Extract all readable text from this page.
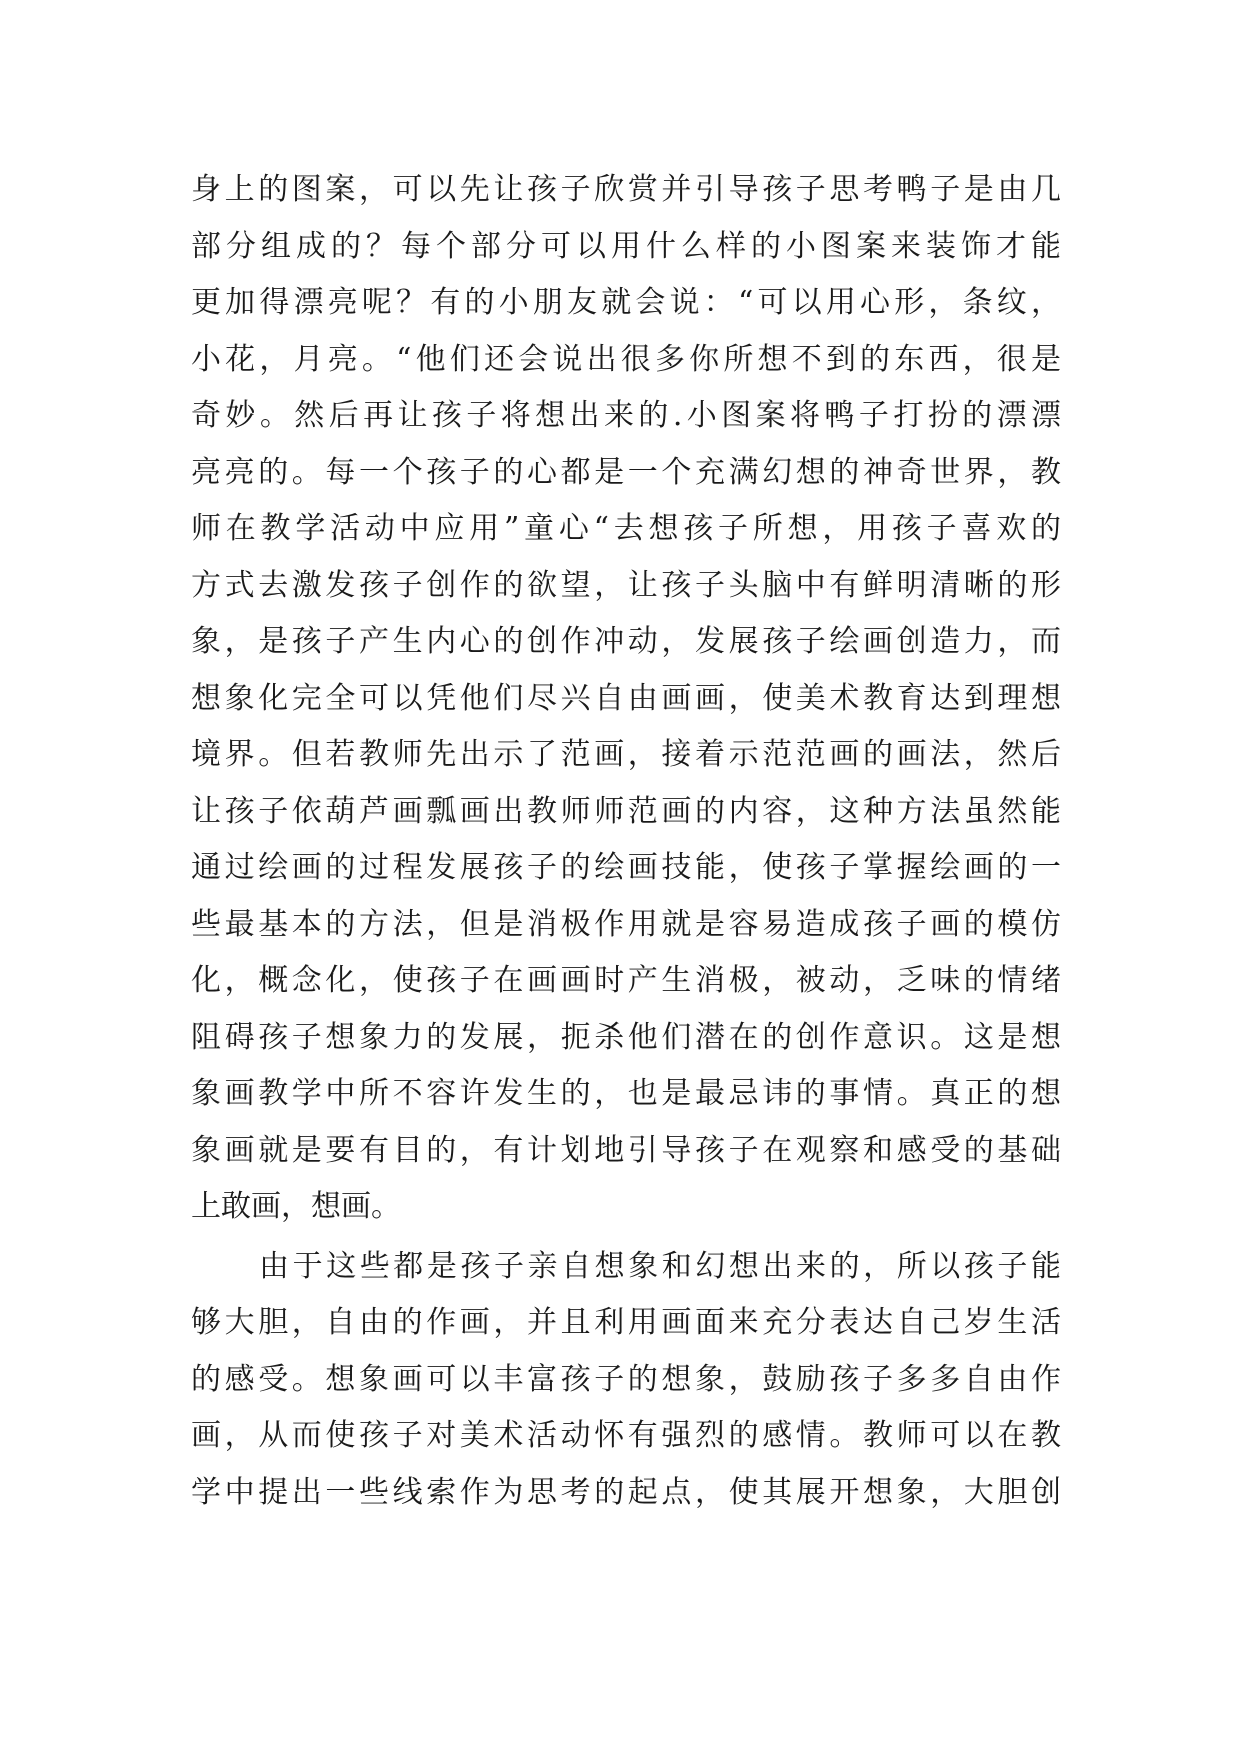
身上的图案，可以先让孩子欣赏并引导孩子思考鸭子是由几
部分组成的？每个部分可以用什么样的小图案来装饰才能
更加得漂亮呢？有的小朋友就会说：“可以用心形，条纹，
小花，月亮。“他们还会说出很多你所想不到的东西，很是
奇妙。然后再让孩子将想出来的.小图案将鸭子打扮的漂漂
亮亮的。每一个孩子的心都是一个充满幻想的神奇世界，教
师在教学活动中应用”童心“去想孩子所想，用孩子喜欢的
方式去激发孩子创作的欲望，让孩子头脑中有鲜明清晰的形
象，是孩子产生内心的创作冲动，发展孩子绘画创造力，而
想象化完全可以凭他们尽兴自由画画，使美术教育达到理想
境界。但若教师先出示了范画，接着示范范画的画法，然后
让孩子依葫芦画瓢画出教师师范画的内容，这种方法虽然能
通过绘画的过程发展孩子的绘画技能，使孩子掌握绘画的一
些最基本的方法，但是消极作用就是容易造成孩子画的模仿
化，概念化，使孩子在画画时产生消极，被动，乏味的情绪
阻碍孩子想象力的发展，扼杀他们潜在的创作意识。这是想
象画教学中所不容许发生的，也是最忌讳的事情。真正的想
象画就是要有目的，有计划地引导孩子在观察和感受的基础
上敢画，想画。
由于这些都是孩子亲自想象和幻想出来的，所以孩子能
够大胆，自由的作画，并且利用画面来充分表达自己岁生活
的感受。想象画可以丰富孩子的想象，鼓励孩子多多自由作
画，从而使孩子对美术活动怀有强烈的感情。教师可以在教
学中提出一些线索作为思考的起点，使其展开想象，大胆创
